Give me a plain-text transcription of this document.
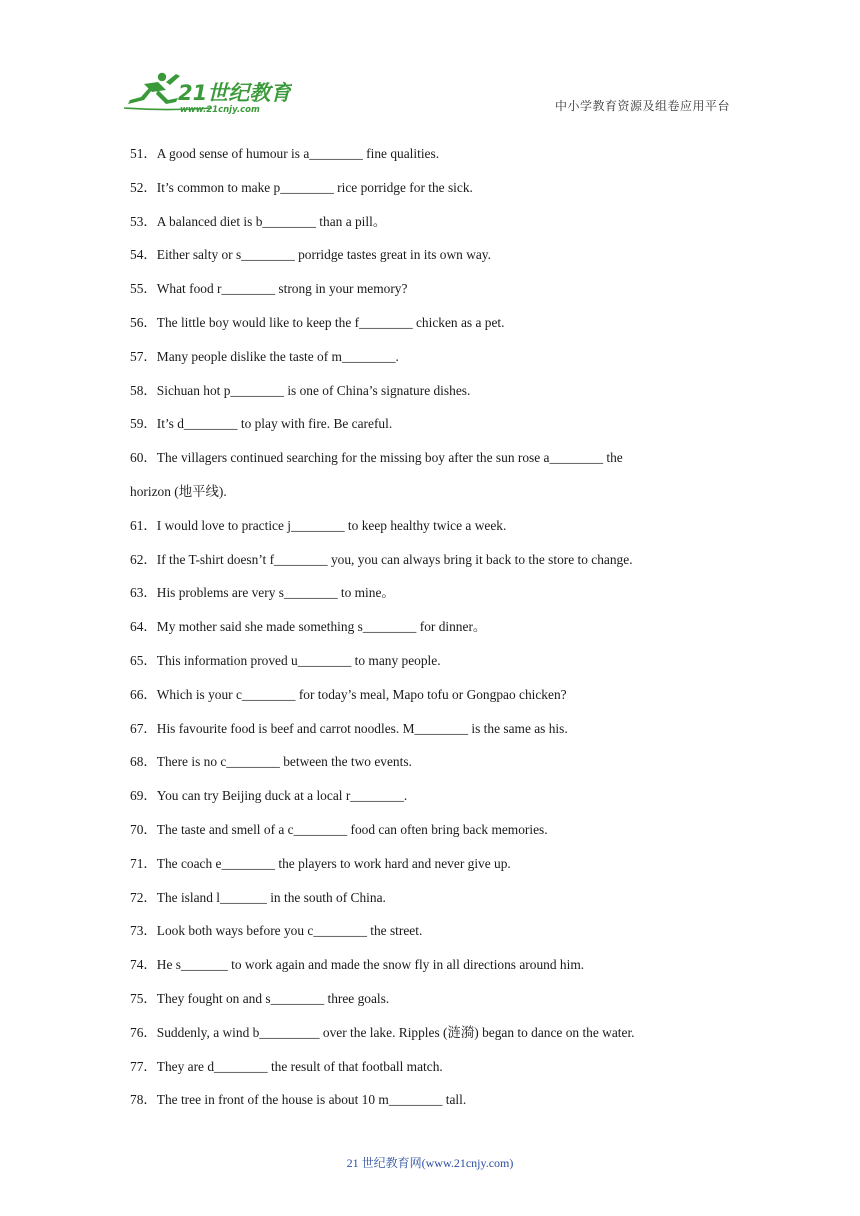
21世纪教育
www.21cnjy.com	中小学教育资源及组卷应用平台
51．A good sense of humour is a________ fine qualities.
52．It’s common to make p________ rice porridge for the sick.
53．A balanced diet is b________ than a pill。
54．Either salty or s________ porridge tastes great in its own way.
55．What food r________ strong in your memory?
56．The little boy would like to keep the f________ chicken as a pet.
57．Many people dislike the taste of m________.
58．Sichuan hot p________ is one of China’s signature dishes.
59．It’s d________ to play with fire. Be careful.
60．The villagers continued searching for the missing boy after the sun rose a________ the
horizon (地平线).
61．I would love to practice j________ to keep healthy twice a week.
62．If the T-shirt doesn’t f________ you, you can always bring it back to the store to change.
63．His problems are very s________ to mine。
64．My mother said she made something s________ for dinner。
65．This information proved u________ to many people.
66．Which is your c________ for today’s meal, Mapo tofu or Gongpao chicken?
67．His favourite food is beef and carrot noodles. M________ is the same as his.
68．There is no c________ between the two events.
69．You can try Beijing duck at a local r________.
70．The taste and smell of a c________ food can often bring back memories.
71．The coach e________ the players to work hard and never give up.
72．The island l_______ in the south of China.
73．Look both ways before you c________ the street.
74．He s_______ to work again and made the snow fly in all directions around him.
75．They fought on and s________ three goals.
76．Suddenly, a wind b_________ over the lake. Ripples (涟漪) began to dance on the water.
77．They are d________ the result of that football match.
78．The tree in front of the house is about 10 m________ tall.
21 世纪教育网(www.21cnjy.com)
